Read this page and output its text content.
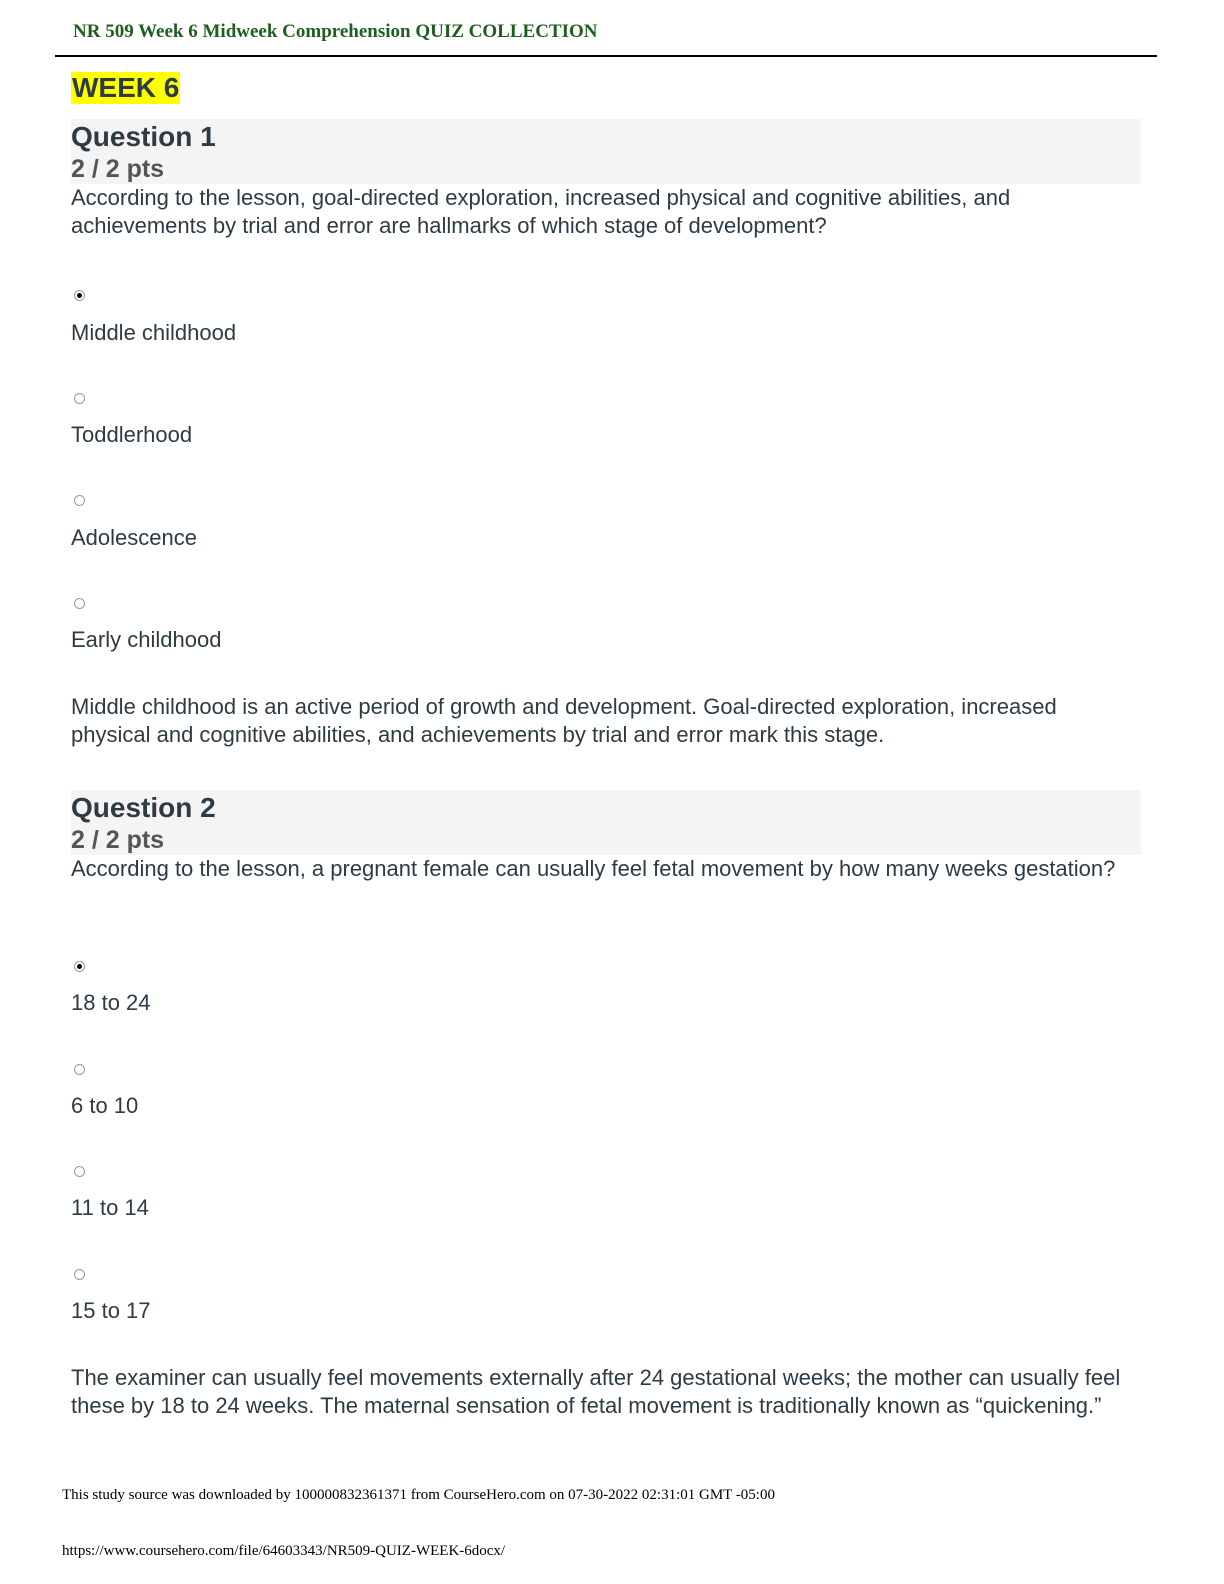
NR 509 Week 6 Midweek Comprehension QUIZ COLLECTION
WEEK 6
Question 1
2 / 2 pts
According to the lesson, goal-directed exploration, increased physical and cognitive abilities, and achievements by trial and error are hallmarks of which stage of development?
Middle childhood
Toddlerhood
Adolescence
Early childhood
Middle childhood is an active period of growth and development. Goal-directed exploration, increased physical and cognitive abilities, and achievements by trial and error mark this stage.
Question 2
2 / 2 pts
According to the lesson, a pregnant female can usually feel fetal movement by how many weeks gestation?
18 to 24
6 to 10
11 to 14
15 to 17
The examiner can usually feel movements externally after 24 gestational weeks; the mother can usually feel these by 18 to 24 weeks. The maternal sensation of fetal movement is traditionally known as “quickening.”
This study source was downloaded by 100000832361371 from CourseHero.com on 07-30-2022 02:31:01 GMT -05:00
https://www.coursehero.com/file/64603343/NR509-QUIZ-WEEK-6docx/
